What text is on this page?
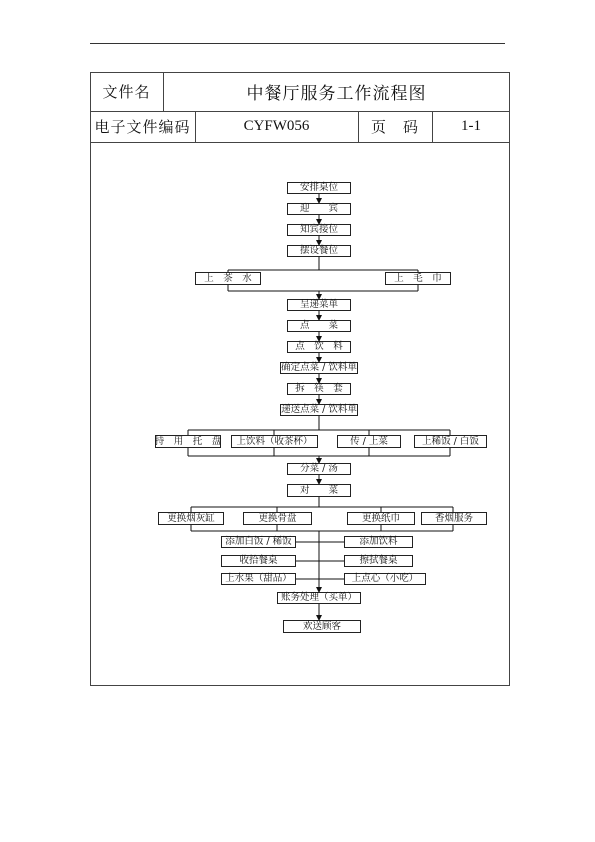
文件名	中餐厅服务工作流程图
电子文件编码	CYFW056	页　码	1-1
安排桌位
迎　　宾
知宾接位
摆设餐位
上　茶　水	上　毛　巾
呈递菜单
点　　菜
点　饮　料
确定点菜 / 饮料单
拆　筷　套
递送点菜 / 饮料单
持　用　托　盘	上饮料（收茶杯）	传 / 上菜	上稀饭 / 白饭
分菜 / 汤
对　　菜
更换烟灰缸	更换骨盘	更换纸巾	香烟服务
添加白饭 / 稀饭	添加饮料
收拾餐桌	擦拭餐桌
上水果（甜品）	上点心（小吃）
账务处理（买单）
欢送顾客
